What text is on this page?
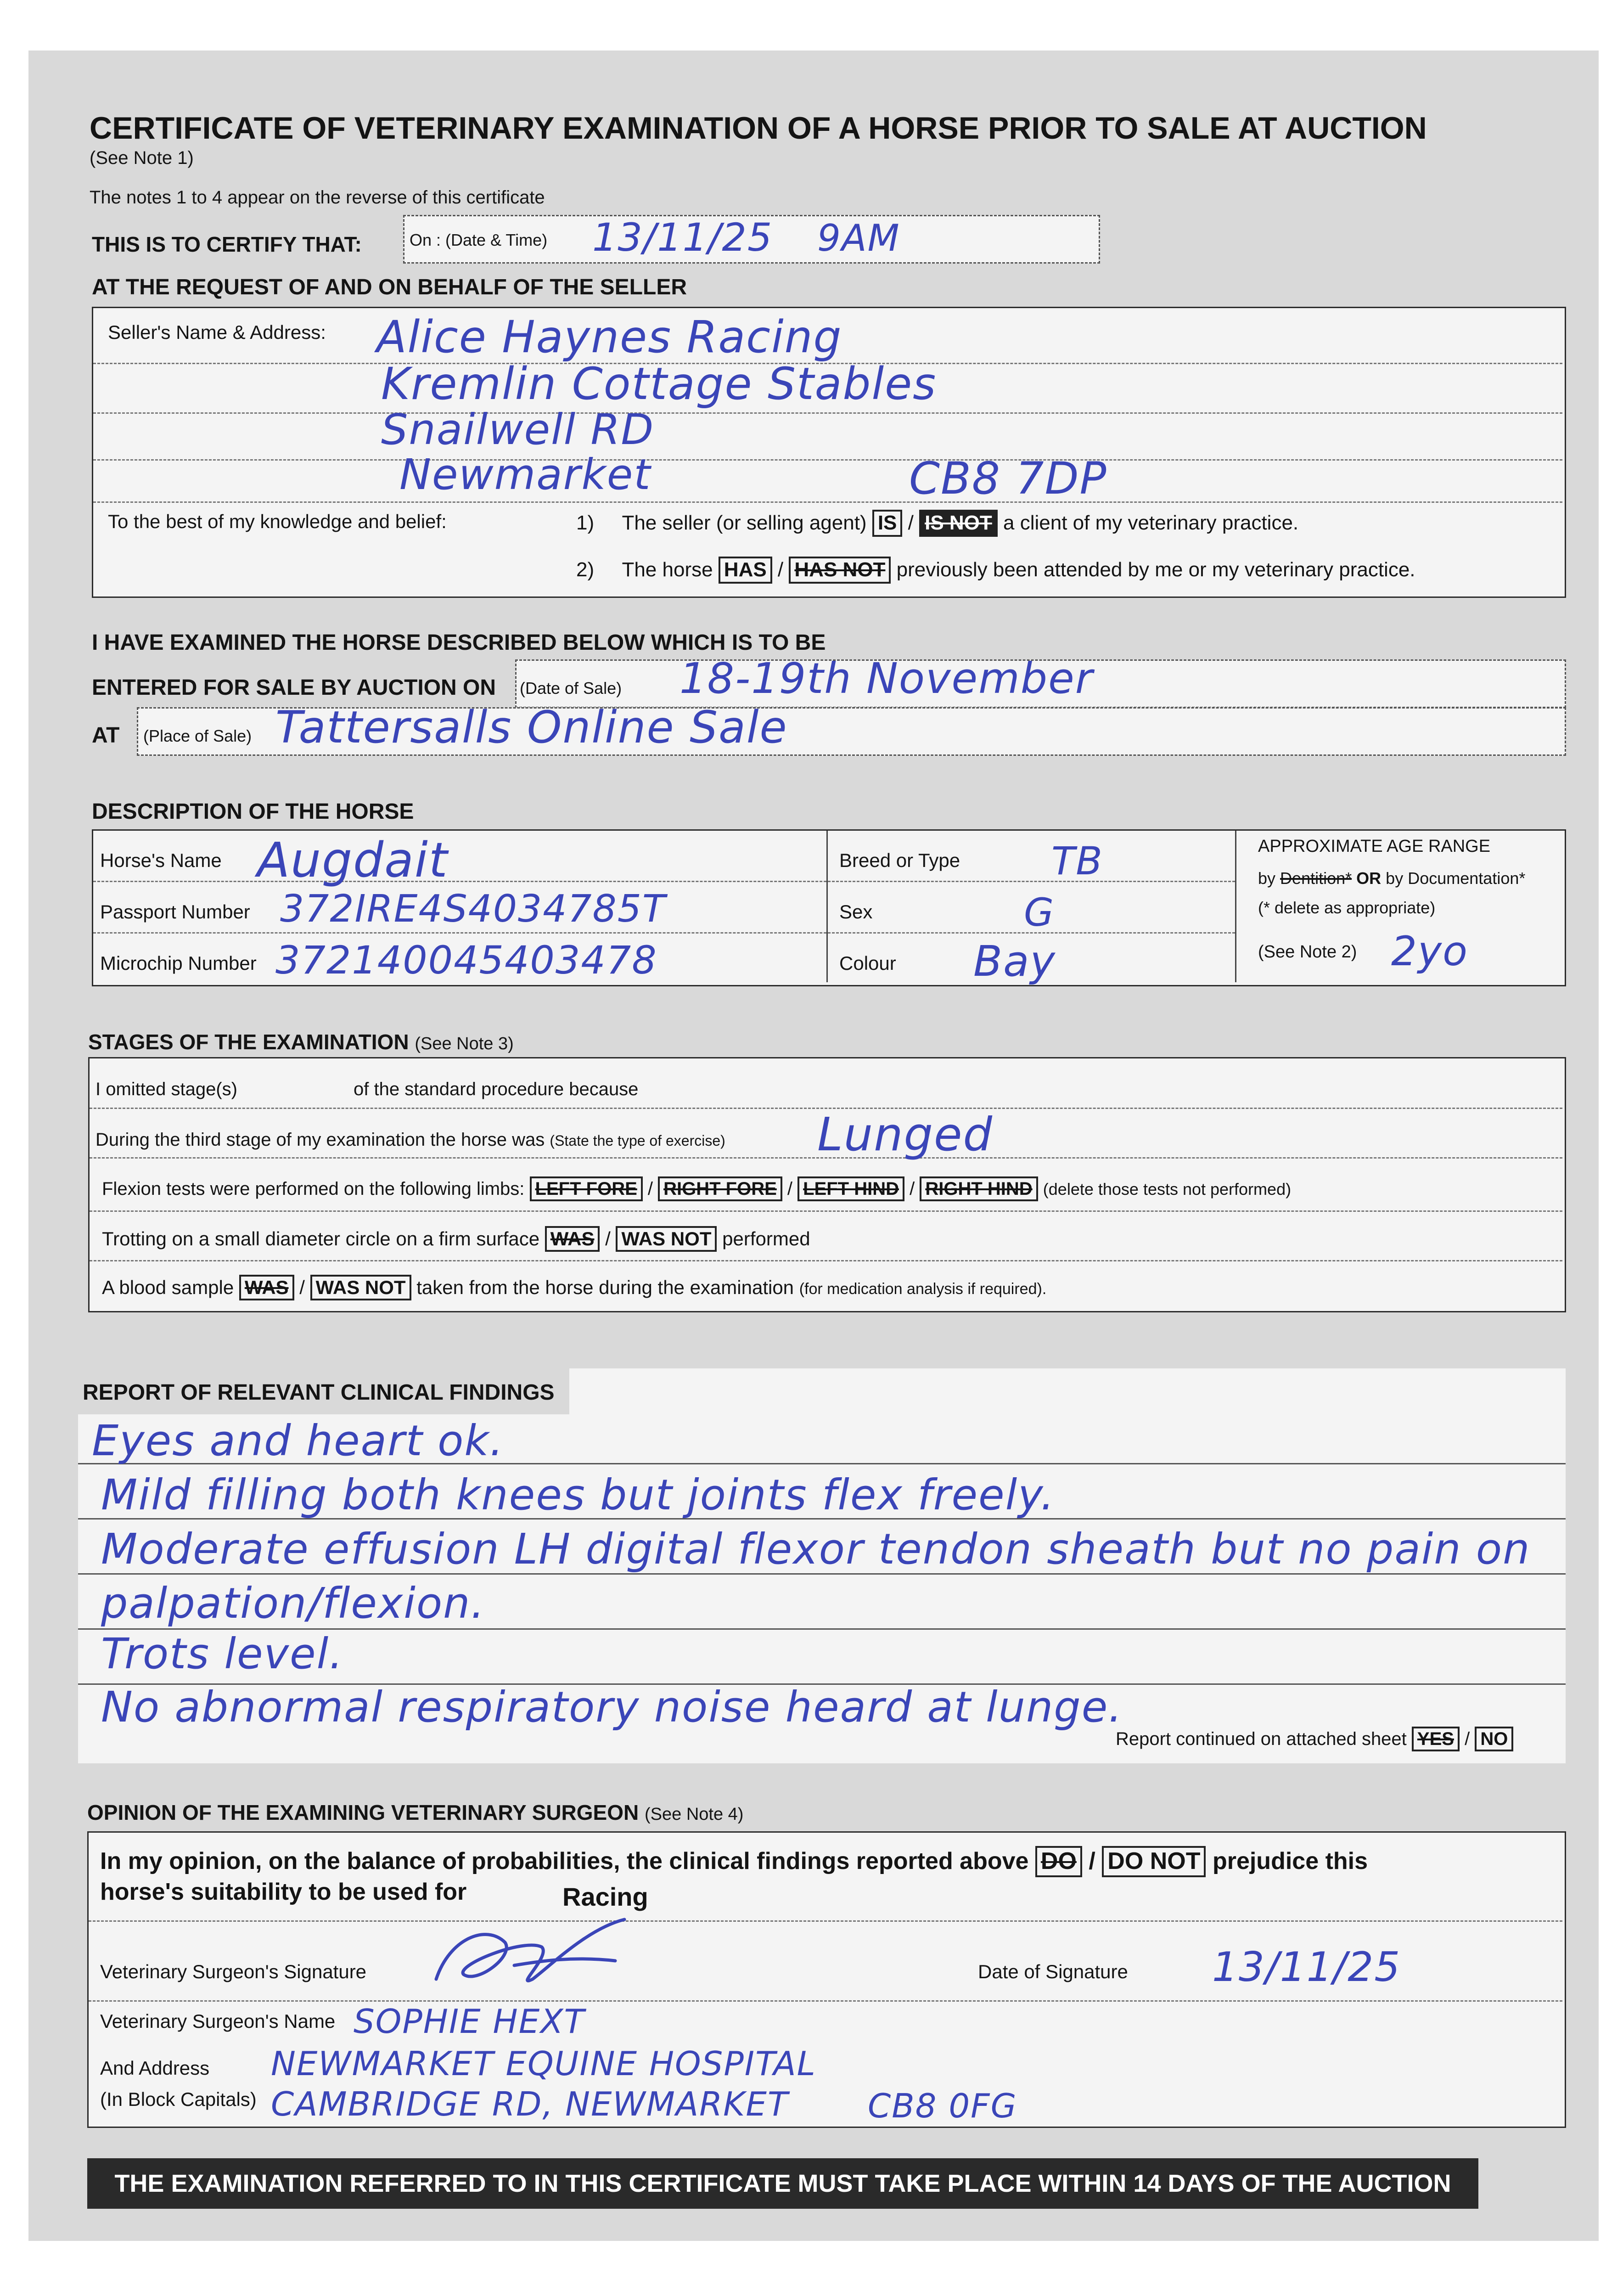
CERTIFICATE OF VETERINARY EXAMINATION OF A HORSE PRIOR TO SALE AT AUCTION
(See Note 1)
The notes 1 to 4 appear on the reverse of this certificate
THIS IS TO CERTIFY THAT:	On : (Date & Time) 13/11/25 9AM
AT THE REQUEST OF AND ON BEHALF OF THE SELLER
Seller's Name & Address: Alice Haynes Racing
Kremlin Cottage Stables
Snailwell RD
Newmarket	CB8 7DP
To the best of my knowledge and belief:	1) The seller (or selling agent) IS / IS NOT a client of my veterinary practice.
2) The horse HAS / HAS NOT previously been attended by me or my veterinary practice.
I HAVE EXAMINED THE HORSE DESCRIBED BELOW WHICH IS TO BE
ENTERED FOR SALE BY AUCTION ON (Date of Sale) 18-19th November
AT (Place of Sale) Tattersalls Online Sale
DESCRIPTION OF THE HORSE
Horse's Name Augdait
Passport Number 372IRE4S4034785T
Microchip Number 372140045403478
Breed or Type TB
Sex	G
Colour Bay
APPROXIMATE AGE RANGE
by Dentition* OR by Documentation*
(* delete as appropriate)
(See Note 2) 2yo
STAGES OF THE EXAMINATION (See Note 3)
I omitted stage(s)	of the standard procedure because
During the third stage of my examination the horse was (State the type of exercise) Lunged
Flexion tests were performed on the following limbs: LEFT FORE / RIGHT FORE / LEFT HIND / RIGHT HIND (delete those tests not performed)
Trotting on a small diameter circle on a firm surface WAS / WAS NOT performed
A blood sample WAS / WAS NOT taken from the horse during the examination (for medication analysis if required).
REPORT OF RELEVANT CLINICAL FINDINGS
Eyes and heart ok.
Mild filling both knees but joints flex freely.
Moderate effusion LH digital flexor tendon sheath but no pain on
palpation/flexion.
Trots level.
No abnormal respiratory noise heard at lunge.
Report continued on attached sheet YES / NO
OPINION OF THE EXAMINING VETERINARY SURGEON (See Note 4)
In my opinion, on the balance of probabilities, the clinical findings reported above DO / DO NOT prejudice this
horse's suitability to be used for	Racing
Veterinary Surgeon's Signature	Date of Signature 13/11/25
Veterinary Surgeon's Name SOPHIE HEXT
And Address
(In Block Capitals)
NEWMARKET EQUINE HOSPITAL
CAMBRIDGE RD, NEWMARKET CB8 0FG
THE EXAMINATION REFERRED TO IN THIS CERTIFICATE MUST TAKE PLACE WITHIN 14 DAYS OF THE AUCTION
